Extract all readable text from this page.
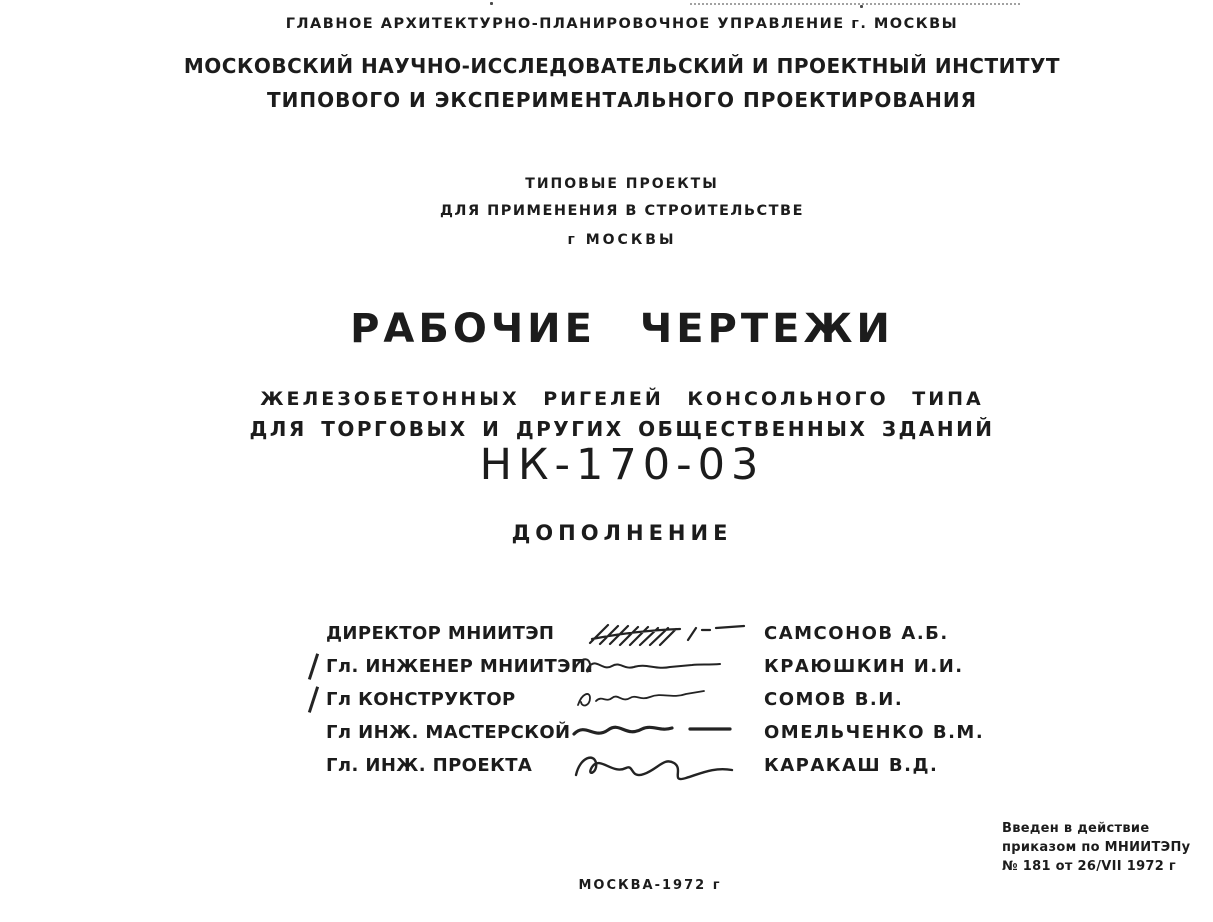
ГЛАВНОЕ АРХИТЕКТУРНО-ПЛАНИРОВОЧНОЕ УПРАВЛЕНИЕ г. МОСКВЫ
МОСКОВСКИЙ НАУЧНО-ИССЛЕДОВАТЕЛЬСКИЙ И ПРОЕКТНЫЙ ИНСТИТУТ
ТИПОВОГО И ЭКСПЕРИМЕНТАЛЬНОГО ПРОЕКТИРОВАНИЯ
ТИПОВЫЕ ПРОЕКТЫ
ДЛЯ ПРИМЕНЕНИЯ В СТРОИТЕЛЬСТВЕ
г МОСКВЫ
РАБОЧИЕ ЧЕРТЕЖИ
ЖЕЛЕЗОБЕТОННЫХ РИГЕЛЕЙ КОНСОЛЬНОГО ТИПА
ДЛЯ ТОРГОВЫХ И ДРУГИХ ОБЩЕСТВЕННЫХ ЗДАНИЙ
НК-170-03
ДОПОЛНЕНИЕ
ДИРЕКТОР МНИИТЭП	САМСОНОВ А.Б.
Гл. ИНЖЕНЕР МНИИТЭП.	КРАЮШКИН И.И.
Гл КОНСТРУКТОР	СОМОВ В.И.
Гл ИНЖ. МАСТЕРСКОЙ	ОМЕЛЬЧЕНКО В.М.
Гл. ИНЖ. ПРОЕКТА	КАРАКАШ В.Д.
Введен в действие
приказом по МНИИТЭПу
№ 181 от 26/VII 1972 г
МОСКВА-1972 г
